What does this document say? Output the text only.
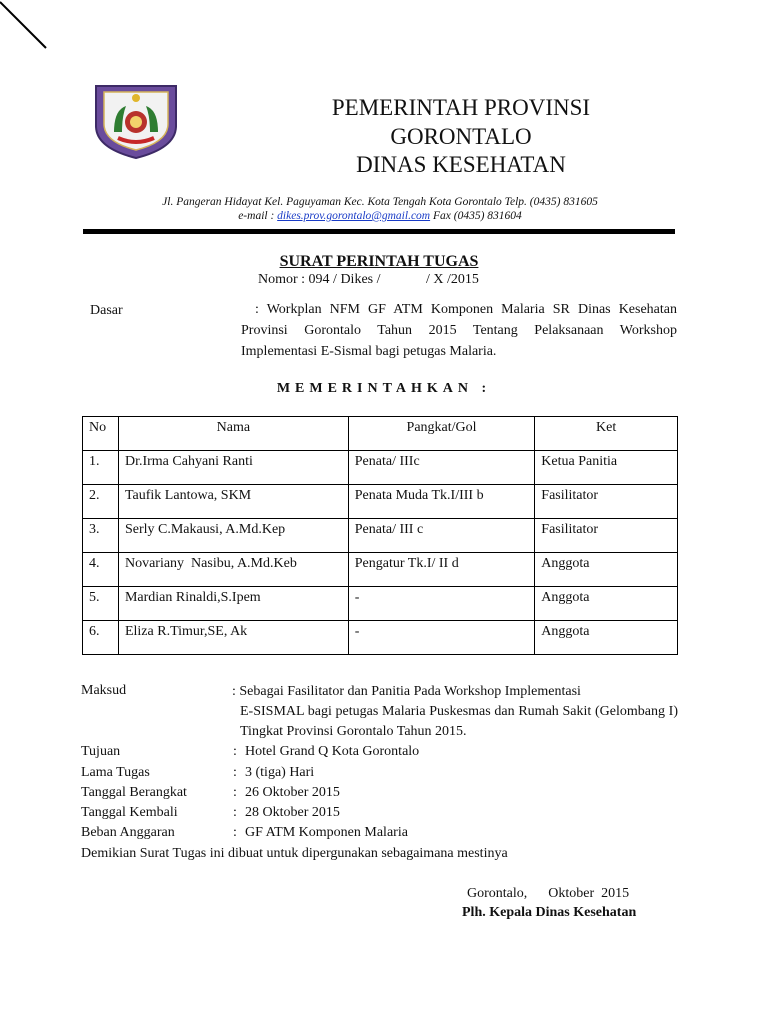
PEMERINTAH PROVINSI
GORONTALO
DINAS KESEHATAN
Jl. Pangeran Hidayat Kel. Paguyaman Kec. Kota Tengah Kota Gorontalo Telp. (0435) 831605
e-mail : dikes.prov.gorontalo@gmail.com Fax (0435) 831604
SURAT PERINTAH TUGAS
Nomor : 094 / Dikes /             / X /2015
Dasar	: Workplan NFM GF ATM Komponen Malaria SR Dinas Kesehatan Provinsi Gorontalo Tahun 2015 Tentang Pelaksanaan Workshop Implementasi E-Sismal bagi petugas Malaria.
MEMERINTAHKAN :
No	Nama	Pangkat/Gol	Ket
1.	Dr.Irma Cahyani Ranti	Penata/ IIIc	Ketua Panitia
2.	Taufik Lantowa, SKM	Penata Muda Tk.I/III b	Fasilitator
3.	Serly C.Makausi, A.Md.Kep	Penata/ III c	Fasilitator
4.	Novariany  Nasibu, A.Md.Keb	Pengatur Tk.I/ II d	Anggota
5.	Mardian Rinaldi,S.Ipem	-	Anggota
6.	Eliza R.Timur,SE, Ak	-	Anggota
Maksud	: Sebagai Fasilitator dan Panitia Pada Workshop Implementasi
E-SISMAL bagi petugas Malaria Puskesmas dan Rumah Sakit (Gelombang I) Tingkat Provinsi Gorontalo Tahun 2015.
Tujuan	: Hotel Grand Q Kota Gorontalo
Lama Tugas	: 3 (tiga) Hari
Tanggal Berangkat	: 26 Oktober 2015
Tanggal Kembali	: 28 Oktober 2015
Beban Anggaran	: GF ATM Komponen Malaria
Demikian Surat Tugas ini dibuat untuk dipergunakan sebagaimana mestinya
Gorontalo,      Oktober  2015
Plh. Kepala Dinas Kesehatan
